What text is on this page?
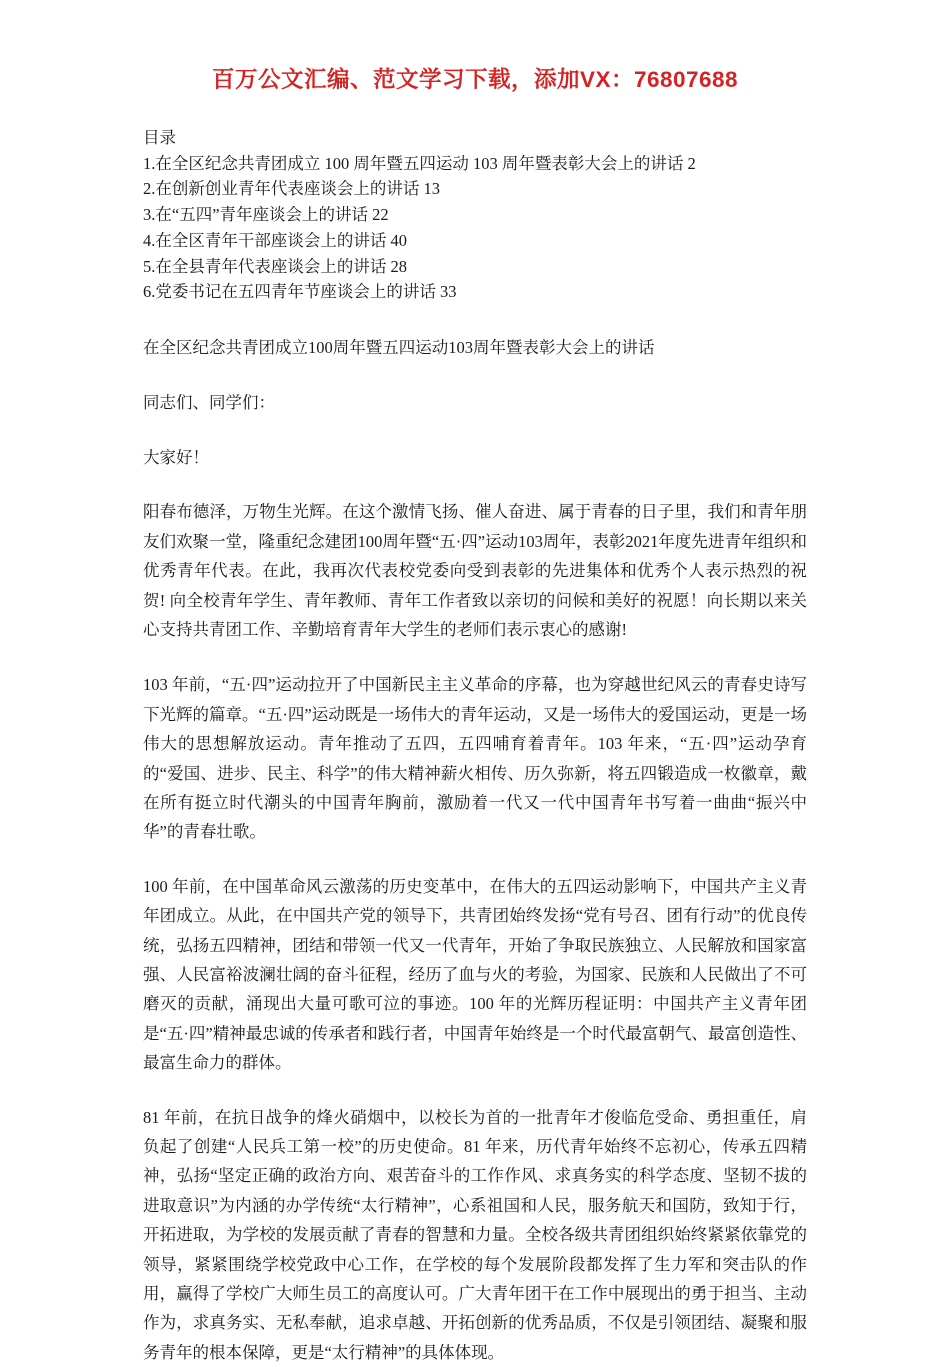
百万公文汇编、范文学习下载，添加VX：76807688

目录

1.在全区纪念共青团成立 100 周年暨五四运动 103 周年暨表彰大会上的讲话 2

2.在创新创业青年代表座谈会上的讲话 13

3.在“五四”青年座谈会上的讲话 22

4.在全区青年干部座谈会上的讲话 40

5.在全县青年代表座谈会上的讲话 28

6.党委书记在五四青年节座谈会上的讲话 33

在全区纪念共青团成立100周年暨五四运动103周年暨表彰大会上的讲话

同志们、同学们：

大家好！

阳春布德泽，万物生光辉。在这个激情飞扬、催人奋进、属于青春的日子里，我们和青年朋友们欢聚一堂，隆重纪念建团100周年暨“五·四”运动103周年，表彰2021年度先进青年组织和优秀青年代表。在此，我再次代表校党委向受到表彰的先进集体和优秀个人表示热烈的祝贺! 向全校青年学生、青年教师、青年工作者致以亲切的问候和美好的祝愿！向长期以来关心支持共青团工作、辛勤培育青年大学生的老师们表示衷心的感谢!

103 年前，“五·四”运动拉开了中国新民主主义革命的序幕，也为穿越世纪风云的青春史诗写下光辉的篇章。“五·四”运动既是一场伟大的青年运动，又是一场伟大的爱国运动，更是一场伟大的思想解放运动。青年推动了五四，五四哺育着青年。103 年来，“五·四”运动孕育的“爱国、进步、民主、科学”的伟大精神薪火相传、历久弥新，将五四锻造成一枚徽章，戴在所有挺立时代潮头的中国青年胸前，激励着一代又一代中国青年书写着一曲曲“振兴中华”的青春壮歌。

100 年前，在中国革命风云激荡的历史变革中，在伟大的五四运动影响下，中国共产主义青年团成立。从此，在中国共产党的领导下，共青团始终发扬“党有号召、团有行动”的优良传统，弘扬五四精神，团结和带领一代又一代青年，开始了争取民族独立、人民解放和国家富强、人民富裕波澜壮阔的奋斗征程，经历了血与火的考验，为国家、民族和人民做出了不可磨灭的贡献，涌现出大量可歌可泣的事迹。100 年的光辉历程证明：中国共产主义青年团是“五·四”精神最忠诚的传承者和践行者，中国青年始终是一个时代最富朝气、最富创造性、最富生命力的群体。

81 年前，在抗日战争的烽火硝烟中，以校长为首的一批青年才俊临危受命、勇担重任，肩负起了创建“人民兵工第一校”的历史使命。81 年来，历代青年始终不忘初心，传承五四精神，弘扬“坚定正确的政治方向、艰苦奋斗的工作作风、求真务实的科学态度、坚韧不拔的进取意识”为内涵的办学传统“太行精神”，心系祖国和人民，服务航天和国防，致知于行，开拓进取，为学校的发展贡献了青春的智慧和力量。全校各级共青团组织始终紧紧依靠党的领导，紧紧围绕学校党政中心工作，在学校的每个发展阶段都发挥了生力军和突击队的作用，赢得了学校广大师生员工的高度认可。广大青年团干在工作中展现出的勇于担当、主动作为，求真务实、无私奉献，追求卓越、开拓创新的优秀品质，不仅是引领团结、凝聚和服务青年的根本保障，更是“太行精神”的具体体现。
